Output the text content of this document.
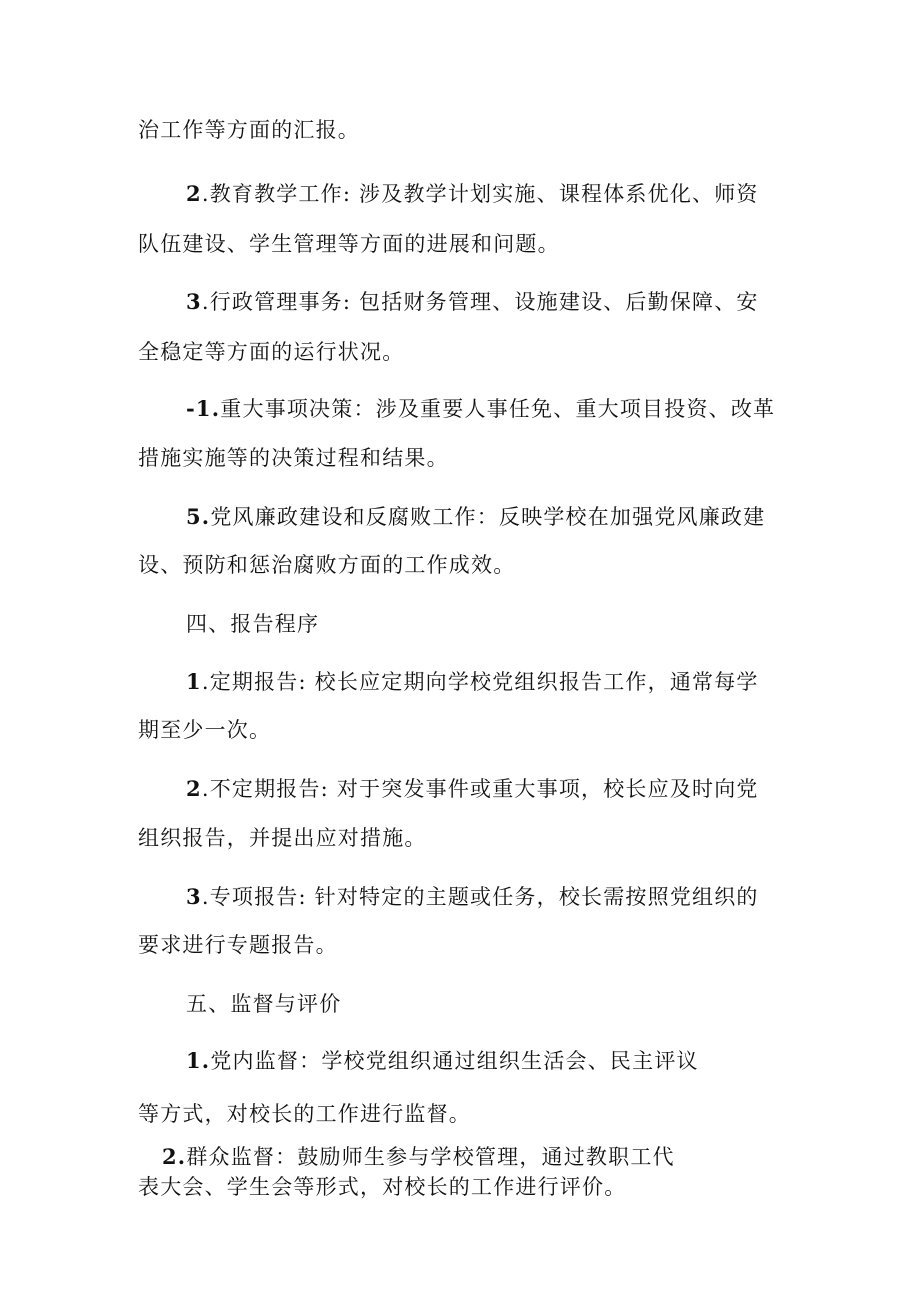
治工作等方面的汇报。
2.教育教学工作: 涉及教学计划实施、课程体系优化、师资
队伍建设、学生管理等方面的进展和问题。
3.行政管理事务: 包括财务管理、设施建设、后勤保障、安
全稳定等方面的运行状况。
-1.重大事项决策：涉及重要人事任免、重大项目投资、改革
措施实施等的决策过程和结果。
5.党风廉政建设和反腐败工作：反映学校在加强党风廉政建
设、预防和惩治腐败方面的工作成效。
四、报告程序
1.定期报告: 校长应定期向学校党组织报告工作，通常每学
期至少一次。
2.不定期报告: 对于突发事件或重大事项，校长应及时向党
组织报告，并提出应对措施。
3.专项报告: 针对特定的主题或任务，校长需按照党组织的
要求进行专题报告。
五、监督与评价
1.党内监督：学校党组织通过组织生活会、民主评议
等方式，对校长的工作进行监督。
2.群众监督：鼓励师生参与学校管理，通过教职工代
表大会、学生会等形式，对校长的工作进行评价。
